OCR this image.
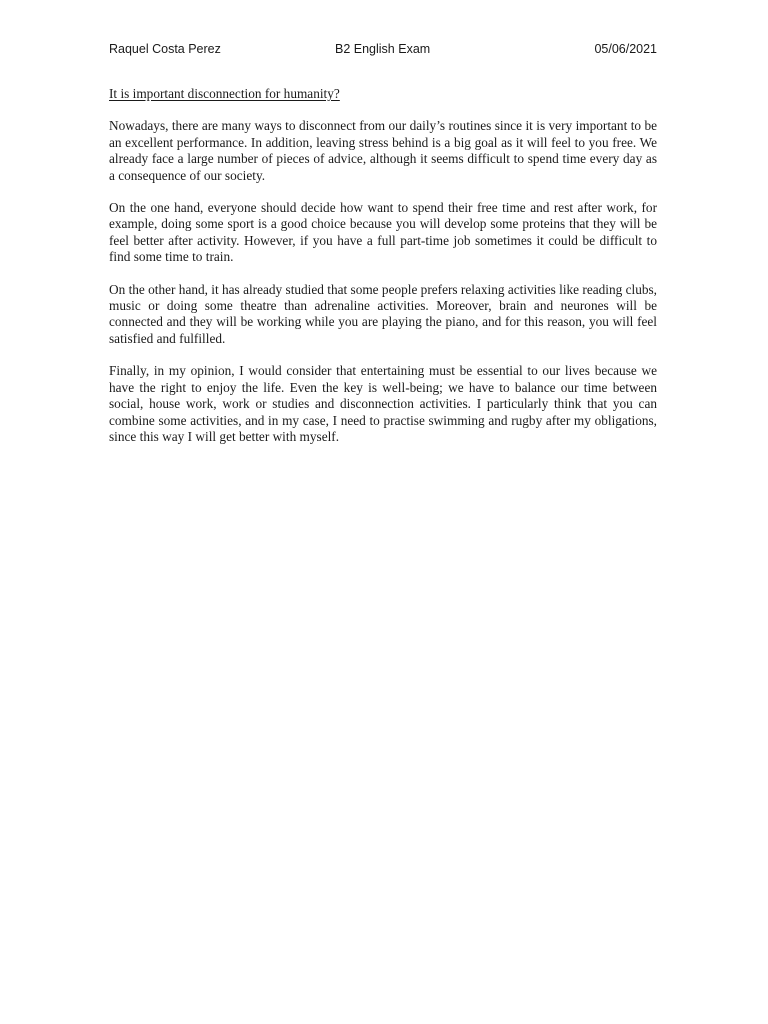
Raquel Costa Perez	B2 English Exam	05/06/2021

It is important disconnection for humanity?

Nowadays, there are many ways to disconnect from our daily’s routines since it is very important to be an excellent performance. In addition, leaving stress behind is a big goal as it will feel to you free. We already face a large number of pieces of advice, although it seems difficult to spend time every day as a consequence of our society.

On the one hand, everyone should decide how want to spend their free time and rest after work, for example, doing some sport is a good choice because you will develop some proteins that they will be feel better after activity. However, if you have a full part-time job sometimes it could be difficult to find some time to train.

On the other hand, it has already studied that some people prefers relaxing activities like reading clubs, music or doing some theatre than adrenaline activities. Moreover, brain and neurones will be connected and they will be working while you are playing the piano, and for this reason, you will feel satisfied and fulfilled.

Finally, in my opinion, I would consider that entertaining must be essential to our lives because we have the right to enjoy the life. Even the key is well-being; we have to balance our time between social, house work, work or studies and disconnection activities. I particularly think that you can combine some activities, and in my case, I need to practise swimming and rugby after my obligations, since this way I will get better with myself.
